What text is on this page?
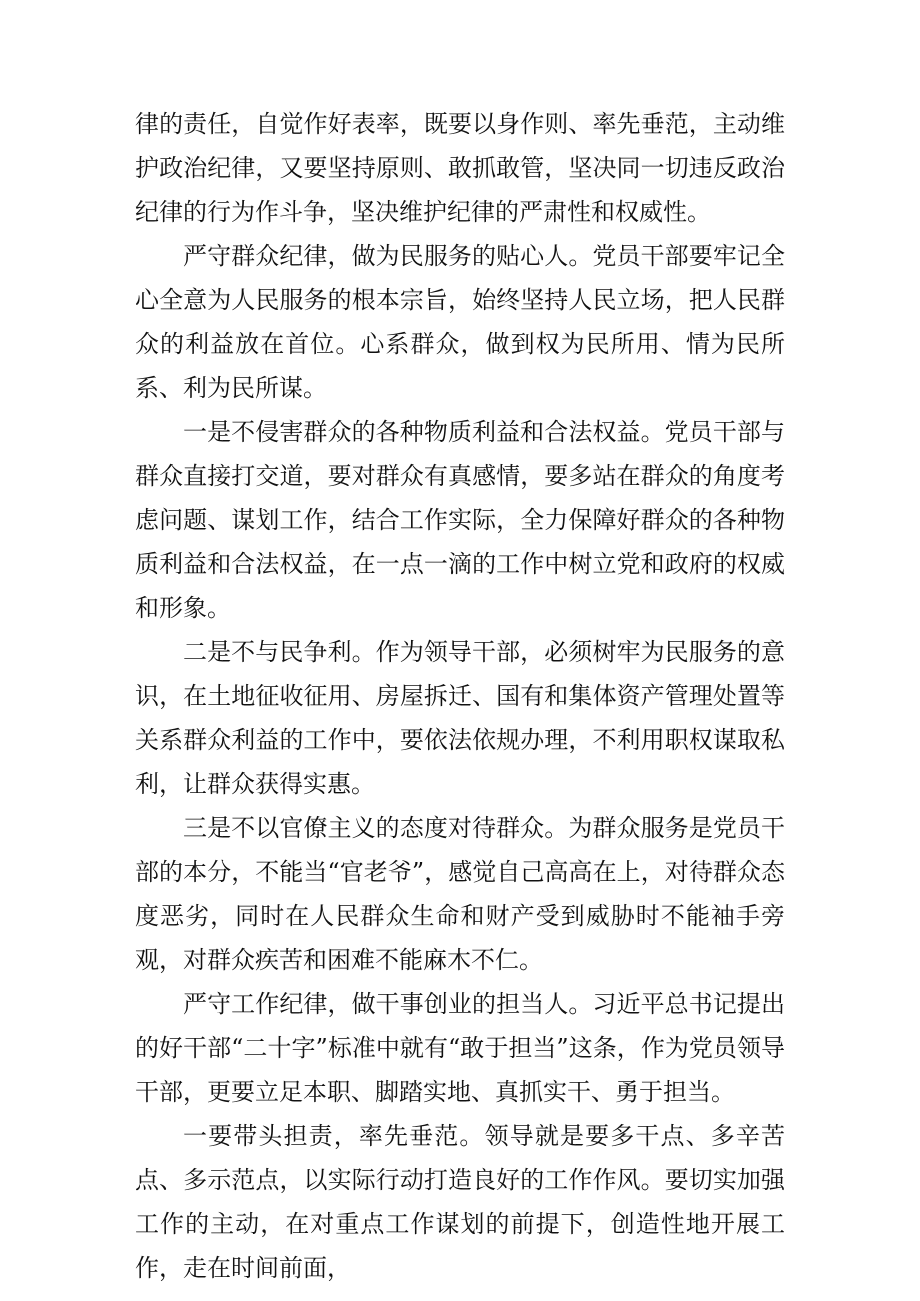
律的责任，自觉作好表率，既要以身作则、率先垂范，主动维护政治纪律，又要坚持原则、敢抓敢管，坚决同一切违反政治纪律的行为作斗争，坚决维护纪律的严肃性和权威性。

严守群众纪律，做为民服务的贴心人。党员干部要牢记全心全意为人民服务的根本宗旨，始终坚持人民立场，把人民群众的利益放在首位。心系群众，做到权为民所用、情为民所系、利为民所谋。

一是不侵害群众的各种物质利益和合法权益。党员干部与群众直接打交道，要对群众有真感情，要多站在群众的角度考虑问题、谋划工作，结合工作实际，全力保障好群众的各种物质利益和合法权益，在一点一滴的工作中树立党和政府的权威和形象。

二是不与民争利。作为领导干部，必须树牢为民服务的意识，在土地征收征用、房屋拆迁、国有和集体资产管理处置等关系群众利益的工作中，要依法依规办理，不利用职权谋取私利，让群众获得实惠。

三是不以官僚主义的态度对待群众。为群众服务是党员干部的本分，不能当“官老爷”，感觉自己高高在上，对待群众态度恶劣，同时在人民群众生命和财产受到威胁时不能袖手旁观，对群众疾苦和困难不能麻木不仁。

严守工作纪律，做干事创业的担当人。习近平总书记提出的好干部“二十字”标准中就有“敢于担当”这条，作为党员领导干部，更要立足本职、脚踏实地、真抓实干、勇于担当。

一要带头担责，率先垂范。领导就是要多干点、多辛苦点、多示范点，以实际行动打造良好的工作作风。要切实加强工作的主动，在对重点工作谋划的前提下，创造性地开展工作，走在时间前面，
